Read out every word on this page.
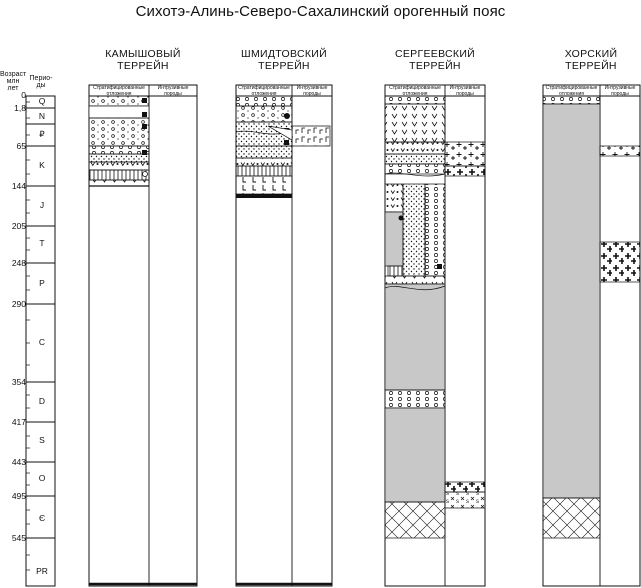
Сихотэ-Алинь-Северо-Сахалинский орогенный пояс
Возраст
млн
лет
Перио-
ды
0
1,8
65
144
205
248
290
354
417
443
495
545
Q
N
₽
K
J
T
P
C
D
S
O
Є
PR
КАМЫШОВЫЙ
ТЕРРЕЙН
ШМИДТОВСКИЙ
ТЕРРЕЙН
СЕРГЕЕВСКИЙ
ТЕРРЕЙН
ХОРСКИЙ
ТЕРРЕЙН
Стратифицированные
отложения
Интрузивные
породы
Стратифицированные
отложения
Интрузивные
породы
Стратифицированные
отложения
Интрузивные
породы
Стратифицированные
отложения
Интрузивные
породы
